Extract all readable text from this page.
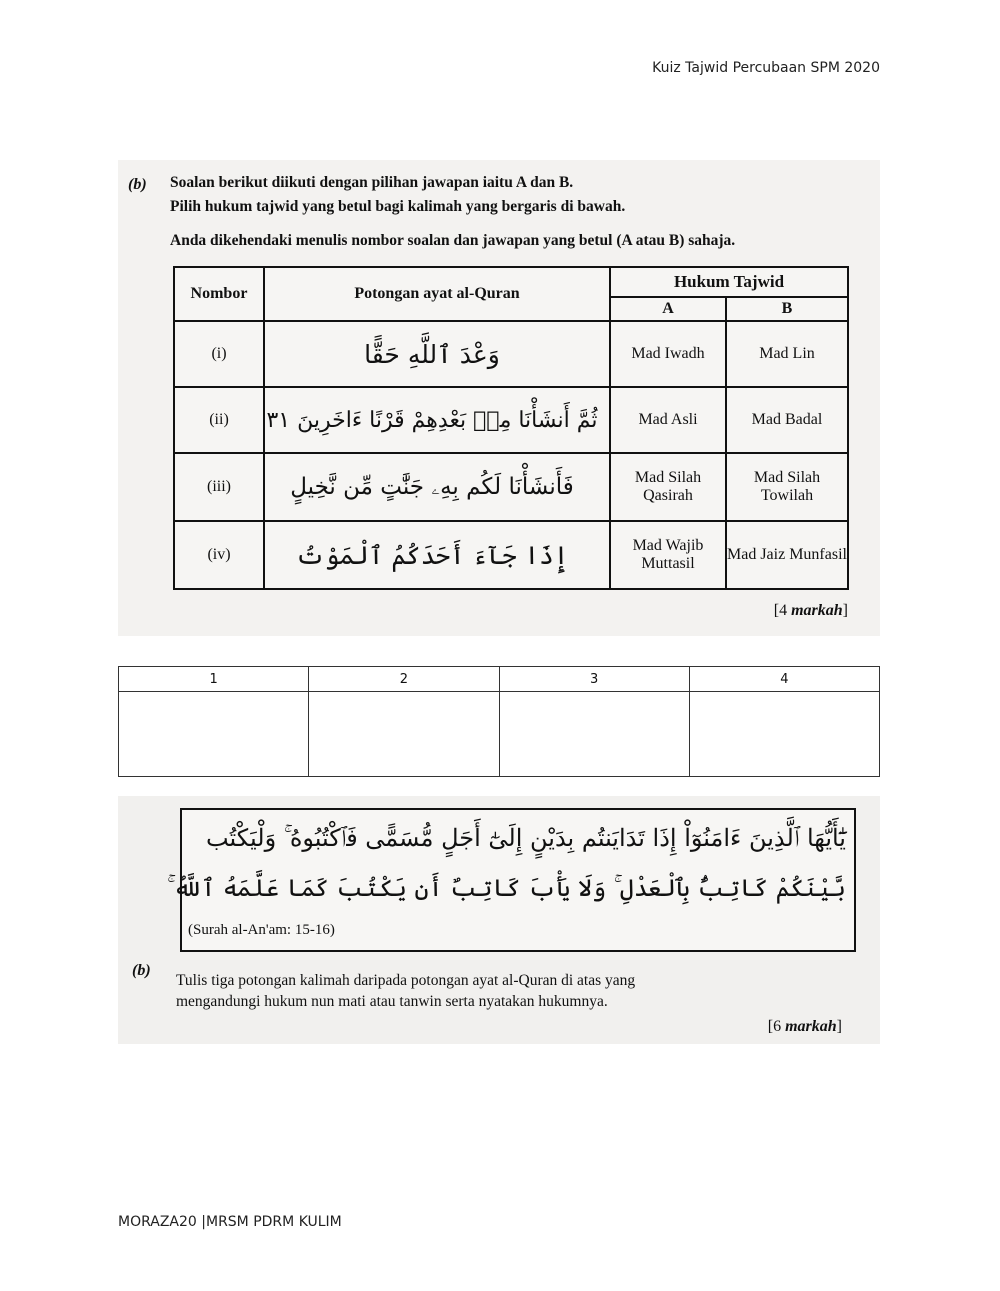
Kuiz Tajwid Percubaan SPM 2020
(b) Soalan berikut diikuti dengan pilihan jawapan iaitu A dan B.
Pilih hukum tajwid yang betul bagi kalimah yang bergaris di bawah.
Anda dikehendaki menulis nombor soalan dan jawapan yang betul (A atau B) sahaja.
Nombor	Potongan ayat al-Quran	Hukum Tajwid	
		A	B
(i)	وَعْدَ ٱللَّهِ حَقًّا	Mad Iwadh	Mad Lin
(ii)	ثُمَّ أَنشَأْنَا مِنۢ بَعْدِهِمْ قَرْنًا ءَاخَرِينَ ٣١	Mad Asli	Mad Badal
(iii)	فَأَنشَأْنَا لَكُم بِهِۦ جَنَّٰتٍ مِّن نَّخِيلٍ	Mad Silah Qasirah	Mad Silah Towilah
(iv)	إِذَا جَآءَ أَحَدَكُمُ ٱلْمَوْتُ	Mad Wajib Muttasil	Mad Jaiz Munfasil
[4 markah]
1	2	3	4

يَٰٓأَيُّهَا ٱلَّذِينَ ءَامَنُوٓاْ إِذَا تَدَايَنتُم بِدَيْنٍ إِلَىٰٓ أَجَلٍ مُّسَمًّى فَٱكْتُبُوهُ ۚ وَلْيَكْتُب
بَّيْنَكُمْ كَاتِبٌۢ بِٱلْعَدْلِ ۚ وَلَا يَأْبَ كَاتِبٌ أَن يَكْتُبَ كَمَا عَلَّمَهُ ٱللَّهُ ۚ
(Surah al-An'am: 15-16)
(b)
Tulis tiga potongan kalimah daripada potongan ayat al-Quran di atas yang
mengandungi hukum nun mati atau tanwin serta nyatakan hukumnya.
[6 markah]
MORAZA20 |MRSM PDRM KULIM
